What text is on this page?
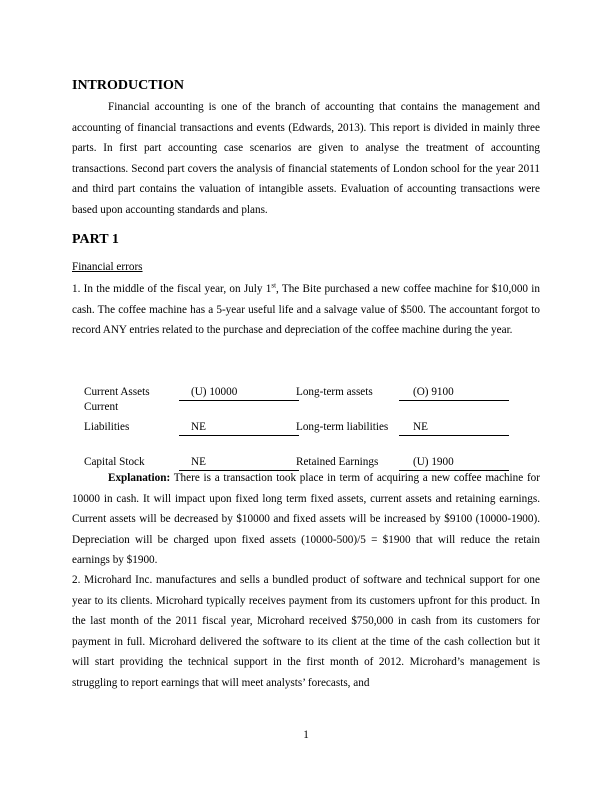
INTRODUCTION
Financial accounting is one of the branch of accounting that contains the management and accounting of financial transactions and events (Edwards, 2013). This report is divided in mainly three parts. In first part accounting case scenarios are given to analyse the treatment of accounting transactions. Second part covers the analysis of financial statements of London school for the year 2011 and third part contains the valuation of intangible assets. Evaluation of accounting transactions were based upon accounting standards and plans.
PART 1
Financial errors
1. In the middle of the fiscal year, on July 1st, The Bite purchased a new coffee machine for $10,000 in cash. The coffee machine has a 5-year useful life and a salvage value of $500. The accountant forgot to record ANY entries related to the purchase and depreciation of the coffee machine during the year.
Current Assets	(U) 10000	Long-term assets	(O) 9100
Current
Liabilities	NE	Long-term liabilities	NE
Capital Stock	NE	Retained Earnings	(U) 1900
Explanation: There is a transaction took place in term of acquiring a new coffee machine for 10000 in cash. It will impact upon fixed long term fixed assets, current assets and retaining earnings. Current assets will be decreased by $10000 and fixed assets will be increased by $9100 (10000-1900). Depreciation will be charged upon fixed assets (10000-500)/5 = $1900 that will reduce the retain earnings by $1900.
2. Microhard Inc. manufactures and sells a bundled product of software and technical support for one year to its clients. Microhard typically receives payment from its customers upfront for this product. In the last month of the 2011 fiscal year, Microhard received $750,000 in cash from its customers for payment in full. Microhard delivered the software to its client at the time of the cash collection but it will start providing the technical support in the first month of 2012. Microhard’s management is struggling to report earnings that will meet analysts’ forecasts, and
1
